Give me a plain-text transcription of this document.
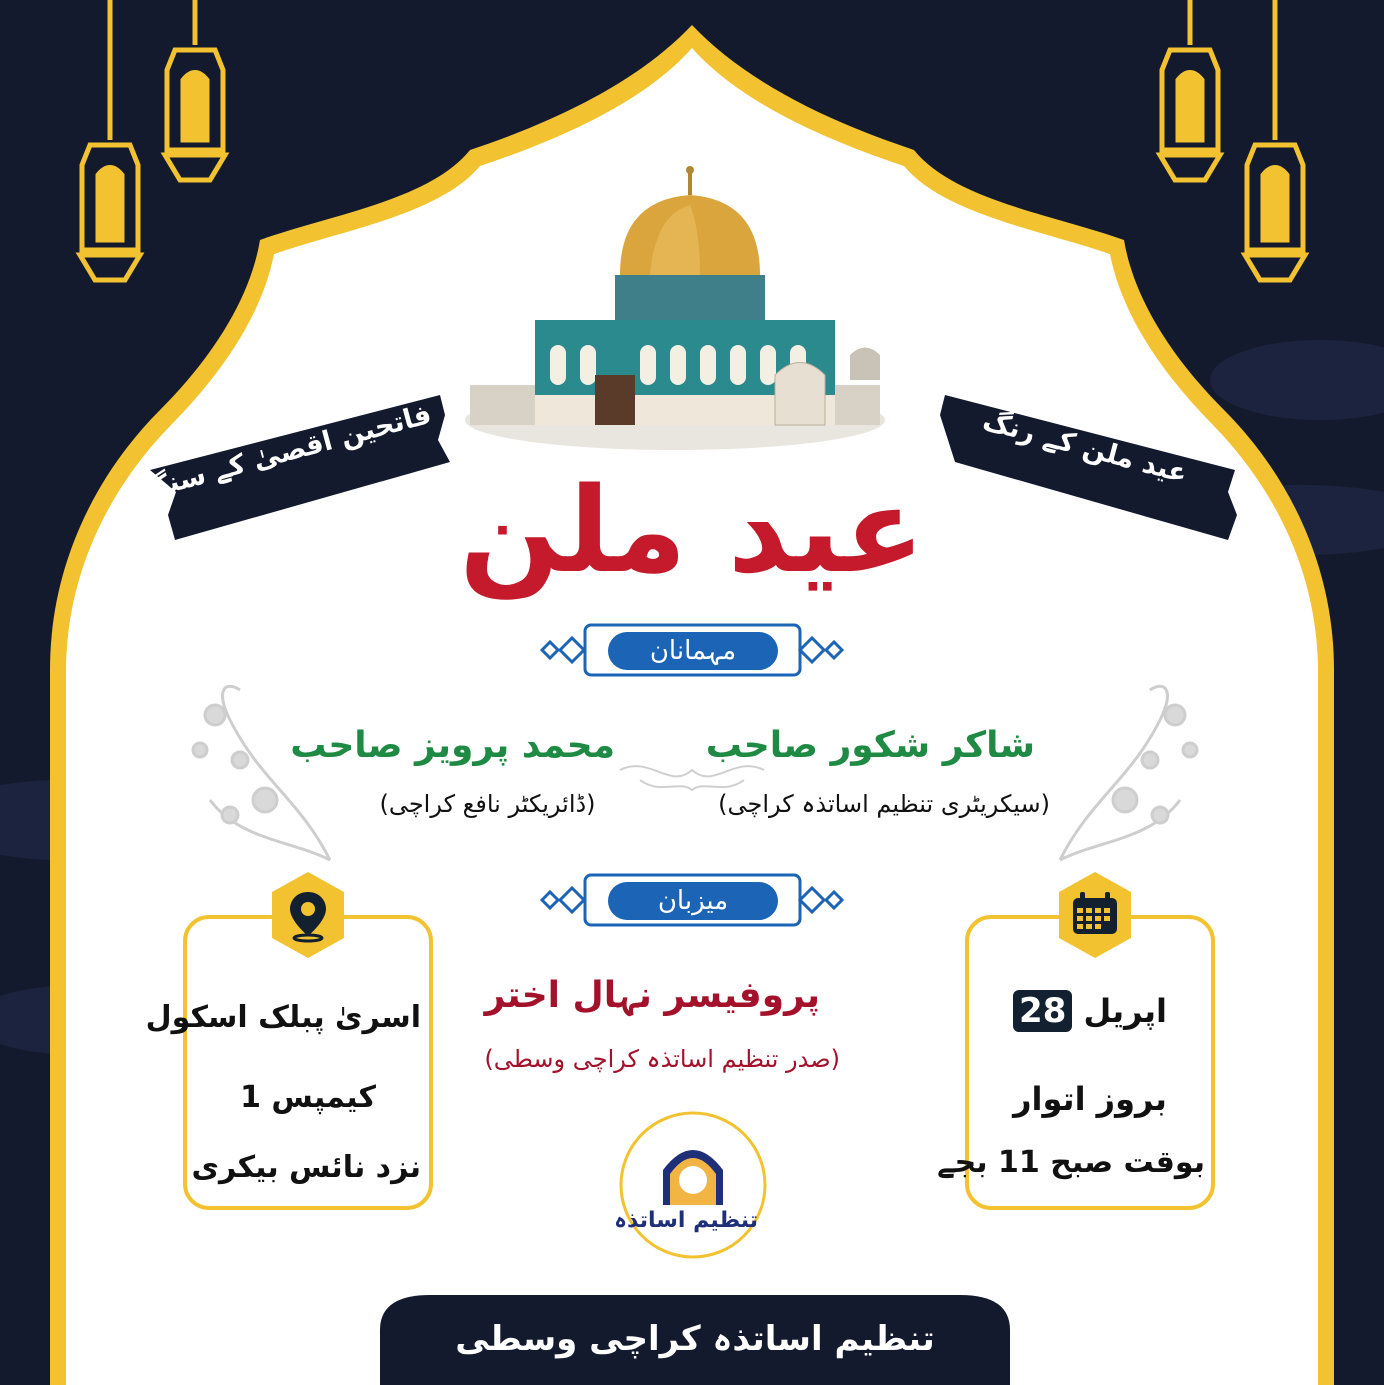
فاتحین اقصیٰ کے سنگ	عید ملن کے رنگ
عید ملن
مہمانان
شاکر شکور صاحب
(سیکریٹری تنظیم اساتذہ کراچی)
محمد پرویز صاحب
(ڈائریکٹر نافع کراچی)
میزبان
پروفیسر نہال اختر
(صدر تنظیم اساتذہ کراچی وسطی)
اپریل 28
بروز اتوار
بوقت صبح 11 بجے
اسریٰ پبلک اسکول
کیمپس 1
نزد نائس بیکری
تنظیم اساتذہ
تنظیم اساتذہ کراچی وسطی
